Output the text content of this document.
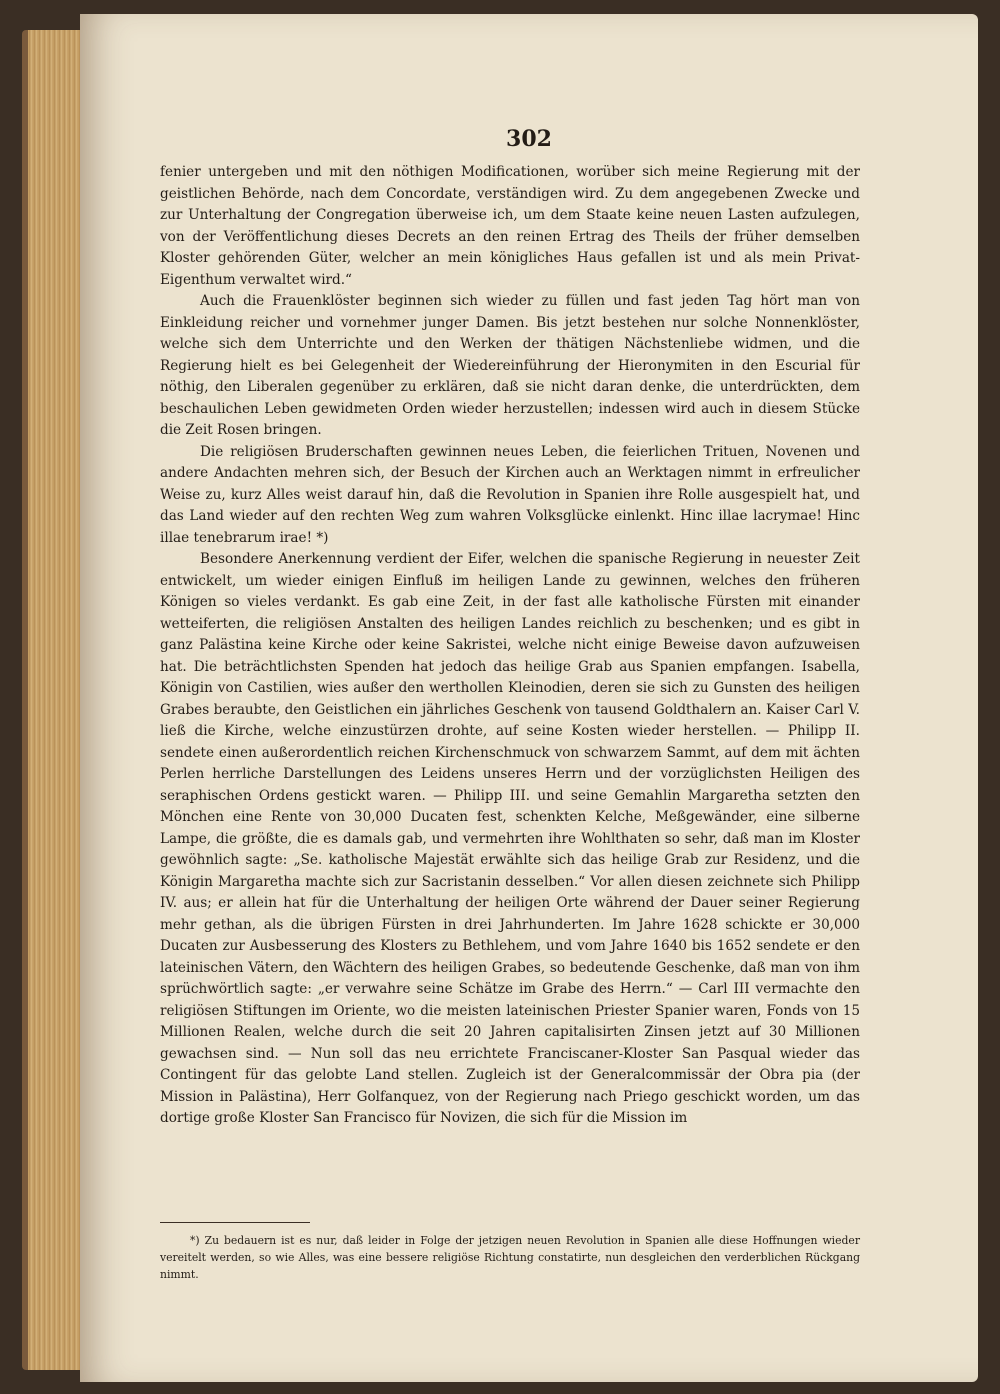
302

fenier untergeben und mit den nöthigen Modificationen, worüber sich meine Regierung mit der geistlichen Behörde, nach dem Concordate, verständigen wird. Zu dem angegebenen Zwecke und zur Unterhaltung der Congregation überweise ich, um dem Staate keine neuen Lasten aufzulegen, von der Veröffentlichung dieses Decrets an den reinen Ertrag des Theils der früher demselben Kloster gehörenden Güter, welcher an mein königliches Haus gefallen ist und als mein Privat-Eigenthum verwaltet wird.“

Auch die Frauenklöster beginnen sich wieder zu füllen und fast jeden Tag hört man von Einkleidung reicher und vornehmer junger Damen. Bis jetzt bestehen nur solche Nonnenklöster, welche sich dem Unterrichte und den Werken der thätigen Nächstenliebe widmen, und die Regierung hielt es bei Gelegenheit der Wiedereinführung der Hieronymiten in den Escurial für nöthig, den Liberalen gegenüber zu erklären, daß sie nicht daran denke, die unterdrückten, dem beschaulichen Leben gewidmeten Orden wieder herzustellen; indessen wird auch in diesem Stücke die Zeit Rosen bringen.

Die religiösen Bruderschaften gewinnen neues Leben, die feierlichen Trituen, Novenen und andere Andachten mehren sich, der Besuch der Kirchen auch an Werktagen nimmt in erfreulicher Weise zu, kurz Alles weist darauf hin, daß die Revolution in Spanien ihre Rolle ausgespielt hat, und das Land wieder auf den rechten Weg zum wahren Volksglücke einlenkt. Hinc illae lacrymae! Hinc illae tenebrarum irae! *)

Besondere Anerkennung verdient der Eifer, welchen die spanische Regierung in neuester Zeit entwickelt, um wieder einigen Einfluß im heiligen Lande zu gewinnen, welches den früheren Königen so vieles verdankt. Es gab eine Zeit, in der fast alle katholische Fürsten mit einander wetteiferten, die religiösen Anstalten des heiligen Landes reichlich zu beschenken; und es gibt in ganz Palästina keine Kirche oder keine Sakristei, welche nicht einige Beweise davon aufzuweisen hat. Die beträchtlichsten Spenden hat jedoch das heilige Grab aus Spanien empfangen. Isabella, Königin von Castilien, wies außer den werthollen Kleinodien, deren sie sich zu Gunsten des heiligen Grabes beraubte, den Geistlichen ein jährliches Geschenk von tausend Goldthalern an. Kaiser Carl V. ließ die Kirche, welche einzustürzen drohte, auf seine Kosten wieder herstellen. — Philipp II. sendete einen außerordentlich reichen Kirchenschmuck von schwarzem Sammt, auf dem mit ächten Perlen herrliche Darstellungen des Leidens unseres Herrn und der vorzüglichsten Heiligen des seraphischen Ordens gestickt waren. — Philipp III. und seine Gemahlin Margaretha setzten den Mönchen eine Rente von 30,000 Ducaten fest, schenkten Kelche, Meßgewänder, eine silberne Lampe, die größte, die es damals gab, und vermehrten ihre Wohlthaten so sehr, daß man im Kloster gewöhnlich sagte: „Se. katholische Majestät erwählte sich das heilige Grab zur Residenz, und die Königin Margaretha machte sich zur Sacristanin desselben.“ Vor allen diesen zeichnete sich Philipp IV. aus; er allein hat für die Unterhaltung der heiligen Orte während der Dauer seiner Regierung mehr gethan, als die übrigen Fürsten in drei Jahrhunderten. Im Jahre 1628 schickte er 30,000 Ducaten zur Ausbesserung des Klosters zu Bethlehem, und vom Jahre 1640 bis 1652 sendete er den lateinischen Vätern, den Wächtern des heiligen Grabes, so bedeutende Geschenke, daß man von ihm sprüchwörtlich sagte: „er verwahre seine Schätze im Grabe des Herrn.“ — Carl III vermachte den religiösen Stiftungen im Oriente, wo die meisten lateinischen Priester Spanier waren, Fonds von 15 Millionen Realen, welche durch die seit 20 Jahren capitalisirten Zinsen jetzt auf 30 Millionen gewachsen sind. — Nun soll das neu errichtete Franciscaner-Kloster San Pasqual wieder das Contingent für das gelobte Land stellen. Zugleich ist der Generalcommissär der Obra pia (der Mission in Palästina), Herr Golfanquez, von der Regierung nach Priego geschickt worden, um das dortige große Kloster San Francisco für Novizen, die sich für die Mission im

*) Zu bedauern ist es nur, daß leider in Folge der jetzigen neuen Revolution in Spanien alle diese Hoffnungen wieder vereitelt werden, so wie Alles, was eine bessere religiöse Richtung constatirte, nun desgleichen den verderblichen Rückgang nimmt.
